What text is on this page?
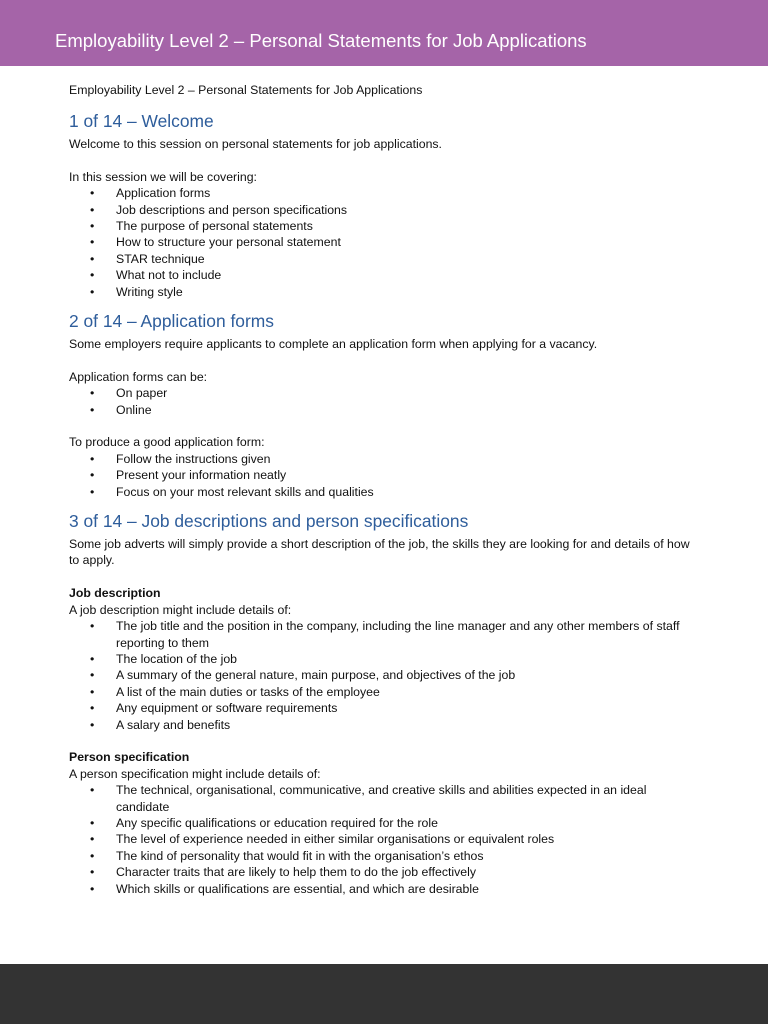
Employability Level 2 – Personal Statements for Job Applications

Employability Level 2 – Personal Statements for Job Applications

1 of 14 – Welcome

Welcome to this session on personal statements for job applications.

In this session we will be covering:

• Application forms
• Job descriptions and person specifications
• The purpose of personal statements
• How to structure your personal statement
• STAR technique
• What not to include
• Writing style
2 of 14 – Application forms

Some employers require applicants to complete an application form when applying for a vacancy.

Application forms can be:

• On paper
• Online

To produce a good application form:

• Follow the instructions given
• Present your information neatly
• Focus on your most relevant skills and qualities
3 of 14 – Job descriptions and person specifications

Some job adverts will simply provide a short description of the job, the skills they are looking for and details of how to apply.

Job description

A job description might include details of:

• The job title and the position in the company, including the line manager and any other members of staff reporting to them
• The location of the job
• A summary of the general nature, main purpose, and objectives of the job
• A list of the main duties or tasks of the employee
• Any equipment or software requirements
• A salary and benefits

Person specification

A person specification might include details of:

• The technical, organisational, communicative, and creative skills and abilities expected in an ideal candidate
• Any specific qualifications or education required for the role
• The level of experience needed in either similar organisations or equivalent roles
• The kind of personality that would fit in with the organisation’s ethos
• Character traits that are likely to help them to do the job effectively
• Which skills or qualifications are essential, and which are desirable
